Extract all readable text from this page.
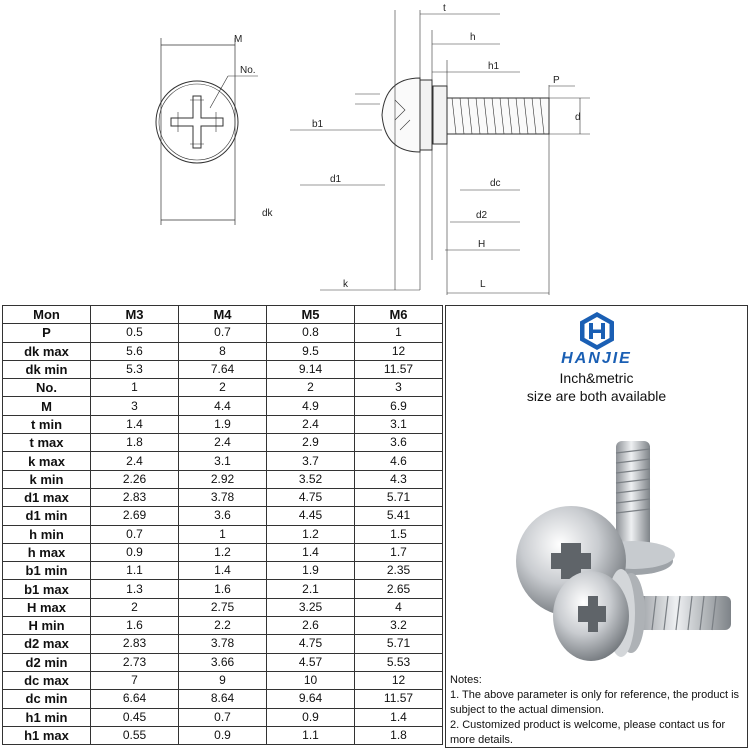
M
No.
dk
t
h
h1
P
d
b1
d1	dc
d2
H
k	L
Mon	M3	M4	M5	M6
P	0.5	0.7	0.8	1
dk max	5.6	8	9.5	12
dk min	5.3	7.64	9.14	11.57
No.	1	2	2	3
M	3	4.4	4.9	6.9
t min	1.4	1.9	2.4	3.1
t max	1.8	2.4	2.9	3.6
k max	2.4	3.1	3.7	4.6
k min	2.26	2.92	3.52	4.3
d1 max	2.83	3.78	4.75	5.71
d1 min	2.69	3.6	4.45	5.41
h min	0.7	1	1.2	1.5
h max	0.9	1.2	1.4	1.7
b1 min	1.1	1.4	1.9	2.35
b1 max	1.3	1.6	2.1	2.65
H max	2	2.75	3.25	4
H min	1.6	2.2	2.6	3.2
d2 max	2.83	3.78	4.75	5.71
d2 min	2.73	3.66	4.57	5.53
dc max	7	9	10	12
dc min	6.64	8.64	9.64	11.57
h1 min	0.45	0.7	0.9	1.4
h1 max	0.55	0.9	1.1	1.8
HANJIE
Inch&metric
size are both available
Notes:
1. The above parameter is only for reference, the product is subject to the actual dimension.
2. Customized product is welcome, please contact us for more details.
